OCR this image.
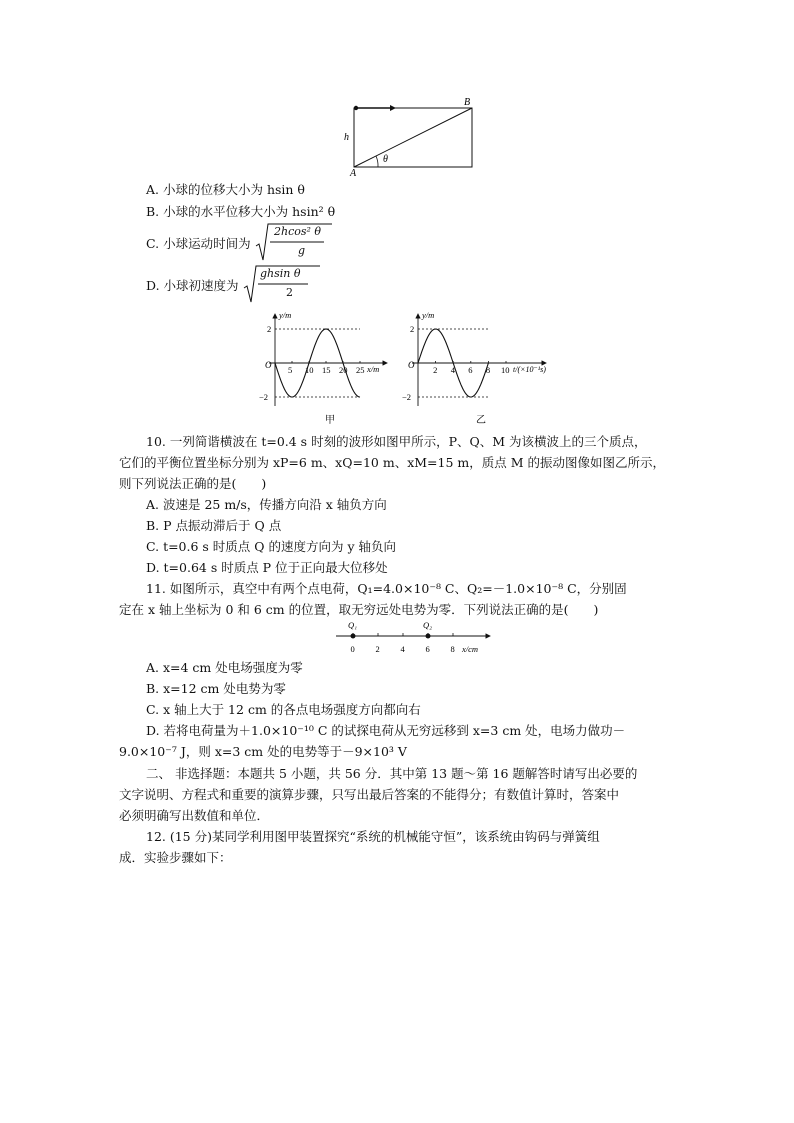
B
A
h
θ
A. 小球的位移大小为 hsin θ
B. 小球的水平位移大小为 hsin² θ
C. 小球运动时间为
2hcos² θ
g
D. 小球初速度为
ghsin θ
2
5 10 15 20 25
y/m
x/m
O
2
−2
甲
2 4 6 8 10
y/m
t/(×10⁻¹s)
O
2
−2
乙
10. 一列简谐横波在 t=0.4 s 时刻的波形如图甲所示，P、Q、M 为该横波上的三个质点，
它们的平衡位置坐标分别为 xP=6 m、xQ=10 m、xM=15 m，质点 M 的振动图像如图乙所示，
则下列说法正确的是(　　)
A. 波速是 25 m/s，传播方向沿 x 轴负方向
B. P 点振动滞后于 Q 点
C. t=0.6 s 时质点 Q 的速度方向为 y 轴负向
D. t=0.64 s 时质点 P 位于正向最大位移处
11. 如图所示，真空中有两个点电荷，Q₁=4.0×10⁻⁸ C、Q₂=－1.0×10⁻⁸ C，分别固
定在 x 轴上坐标为 0 和 6 cm 的位置，取无穷远处电势为零．下列说法正确的是(　　)
0 2 4 6 8
Q₁	Q₂
x/cm
A. x=4 cm 处电场强度为零
B. x=12 cm 处电势为零
C. x 轴上大于 12 cm 的各点电场强度方向都向右
D. 若将电荷量为＋1.0×10⁻¹⁰ C 的试探电荷从无穷远移到 x=3 cm 处，电场力做功－
9.0×10⁻⁷ J，则 x=3 cm 处的电势等于－9×10³ V
二、 非选择题：本题共 5 小题，共 56 分．其中第 13 题～第 16 题解答时请写出必要的
文字说明、方程式和重要的演算步骤，只写出最后答案的不能得分；有数值计算时，答案中
必须明确写出数值和单位．
12. (15 分)某同学利用图甲装置探究“系统的机械能守恒”，该系统由钩码与弹簧组
成．实验步骤如下：
